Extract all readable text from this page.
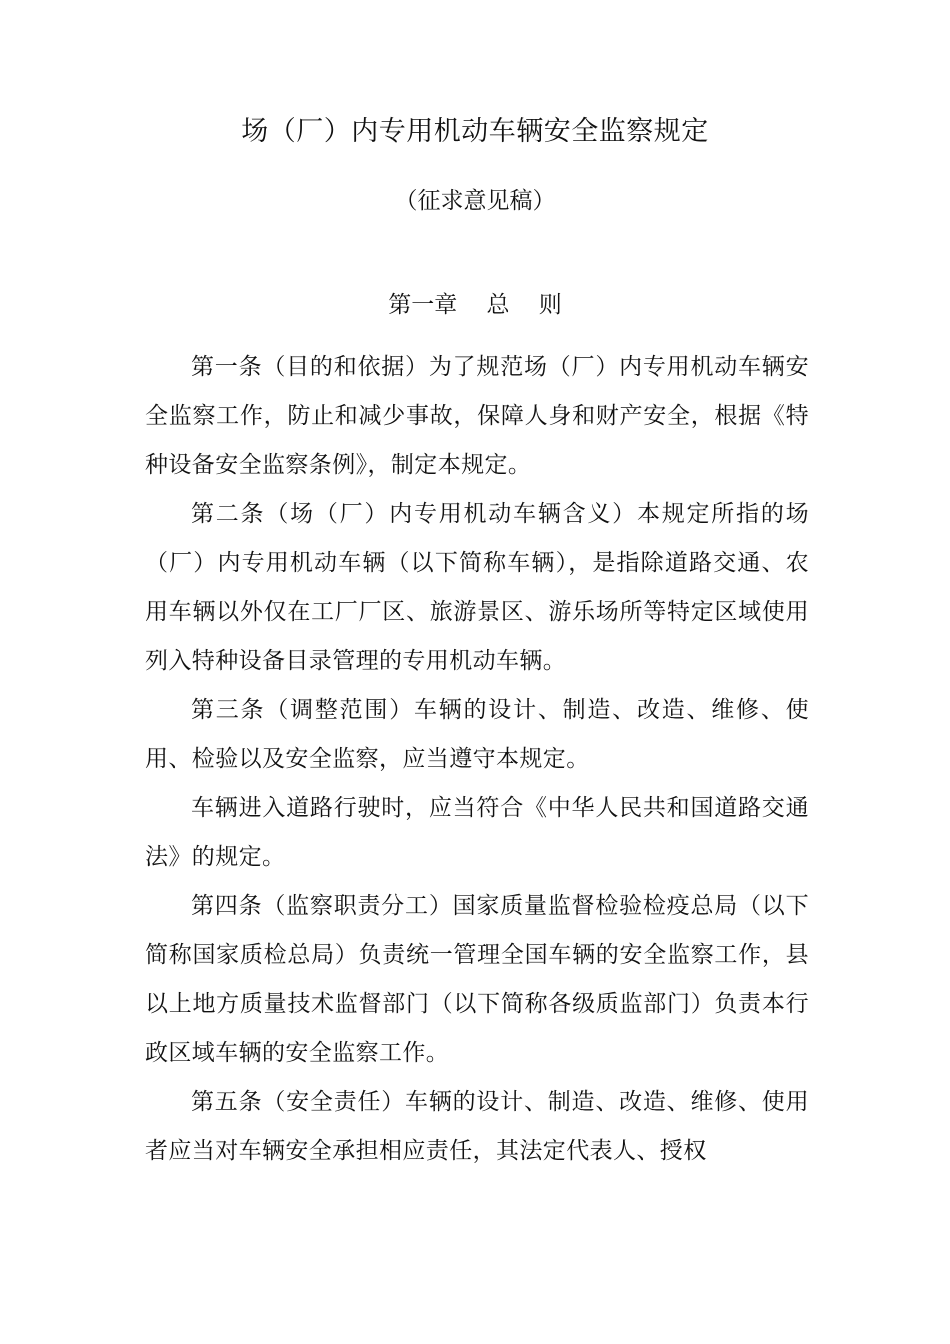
场（厂）内专用机动车辆安全监察规定
（征求意见稿）
第一章    总    则

第一条（目的和依据）为了规范场（厂）内专用机动车辆安全监察工作，防止和减少事故，保障人身和财产安全，根据《特种设备安全监察条例》，制定本规定。

第二条（场（厂）内专用机动车辆含义）本规定所指的场（厂）内专用机动车辆（以下简称车辆），是指除道路交通、农用车辆以外仅在工厂厂区、旅游景区、游乐场所等特定区域使用列入特种设备目录管理的专用机动车辆。

第三条（调整范围）车辆的设计、制造、改造、维修、使用、检验以及安全监察，应当遵守本规定。

车辆进入道路行驶时，应当符合《中华人民共和国道路交通法》的规定。

第四条（监察职责分工）国家质量监督检验检疫总局（以下简称国家质检总局）负责统一管理全国车辆的安全监察工作，县以上地方质量技术监督部门（以下简称各级质监部门）负责本行政区域车辆的安全监察工作。

第五条（安全责任）车辆的设计、制造、改造、维修、使用者应当对车辆安全承担相应责任，其法定代表人、授权
